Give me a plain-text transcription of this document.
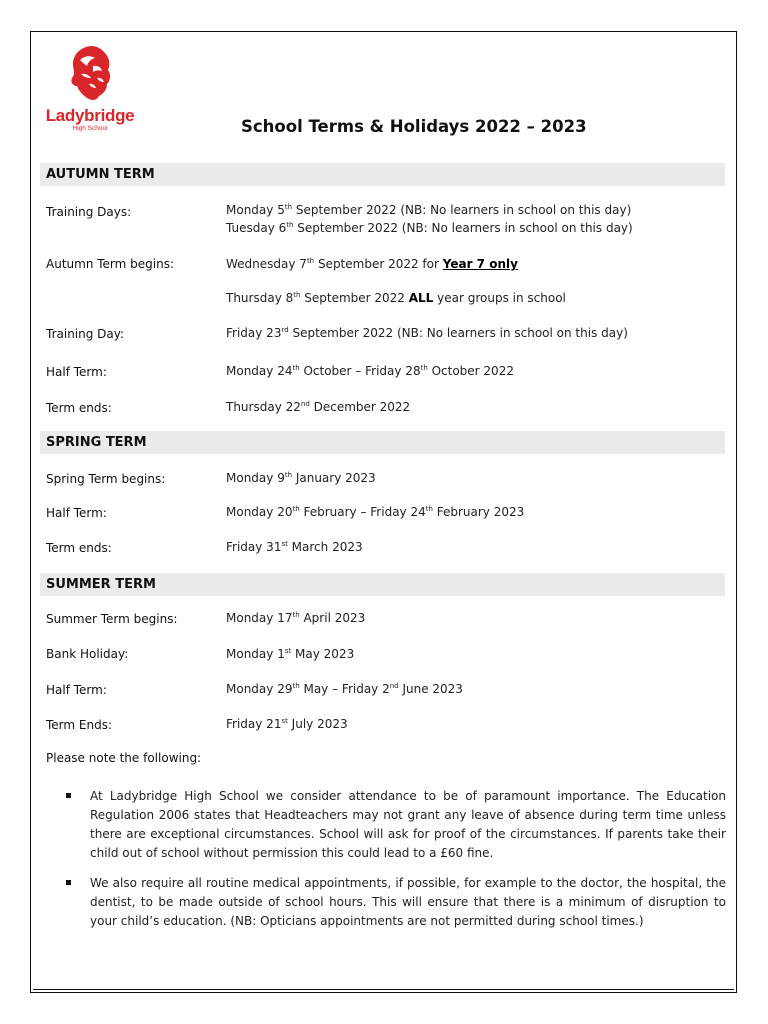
Ladybridge
High School	School Terms & Holidays 2022 – 2023
AUTUMN TERM
Training Days:	Monday 5th September 2022 (NB: No learners in school on this day)
Tuesday 6th September 2022 (NB: No learners in school on this day)
Autumn Term begins:	Wednesday 7th September 2022 for Year 7 only
Thursday 8th September 2022 ALL year groups in school
Training Day:	Friday 23rd September 2022 (NB: No learners in school on this day)
Half Term:	Monday 24th October – Friday 28th October 2022
Term ends:	Thursday 22nd December 2022
SPRING TERM
Spring Term begins:	Monday 9th January 2023
Half Term:	Monday 20th February – Friday 24th February 2023
Term ends:	Friday 31st March 2023
SUMMER TERM
Summer Term begins:	Monday 17th April 2023
Bank Holiday:	Monday 1st May 2023
Half Term:	Monday 29th May – Friday 2nd June 2023
Term Ends:	Friday 21st July 2023
Please note the following:
At Ladybridge High School we consider attendance to be of paramount importance. The Education Regulation 2006 states that Headteachers may not grant any leave of absence during term time unless there are exceptional circumstances. School will ask for proof of the circumstances. If parents take their child out of school without permission this could lead to a £60 fine.
We also require all routine medical appointments, if possible, for example to the doctor, the hospital, the dentist, to be made outside of school hours. This will ensure that there is a minimum of disruption to your child’s education. (NB: Opticians appointments are not permitted during school times.)
